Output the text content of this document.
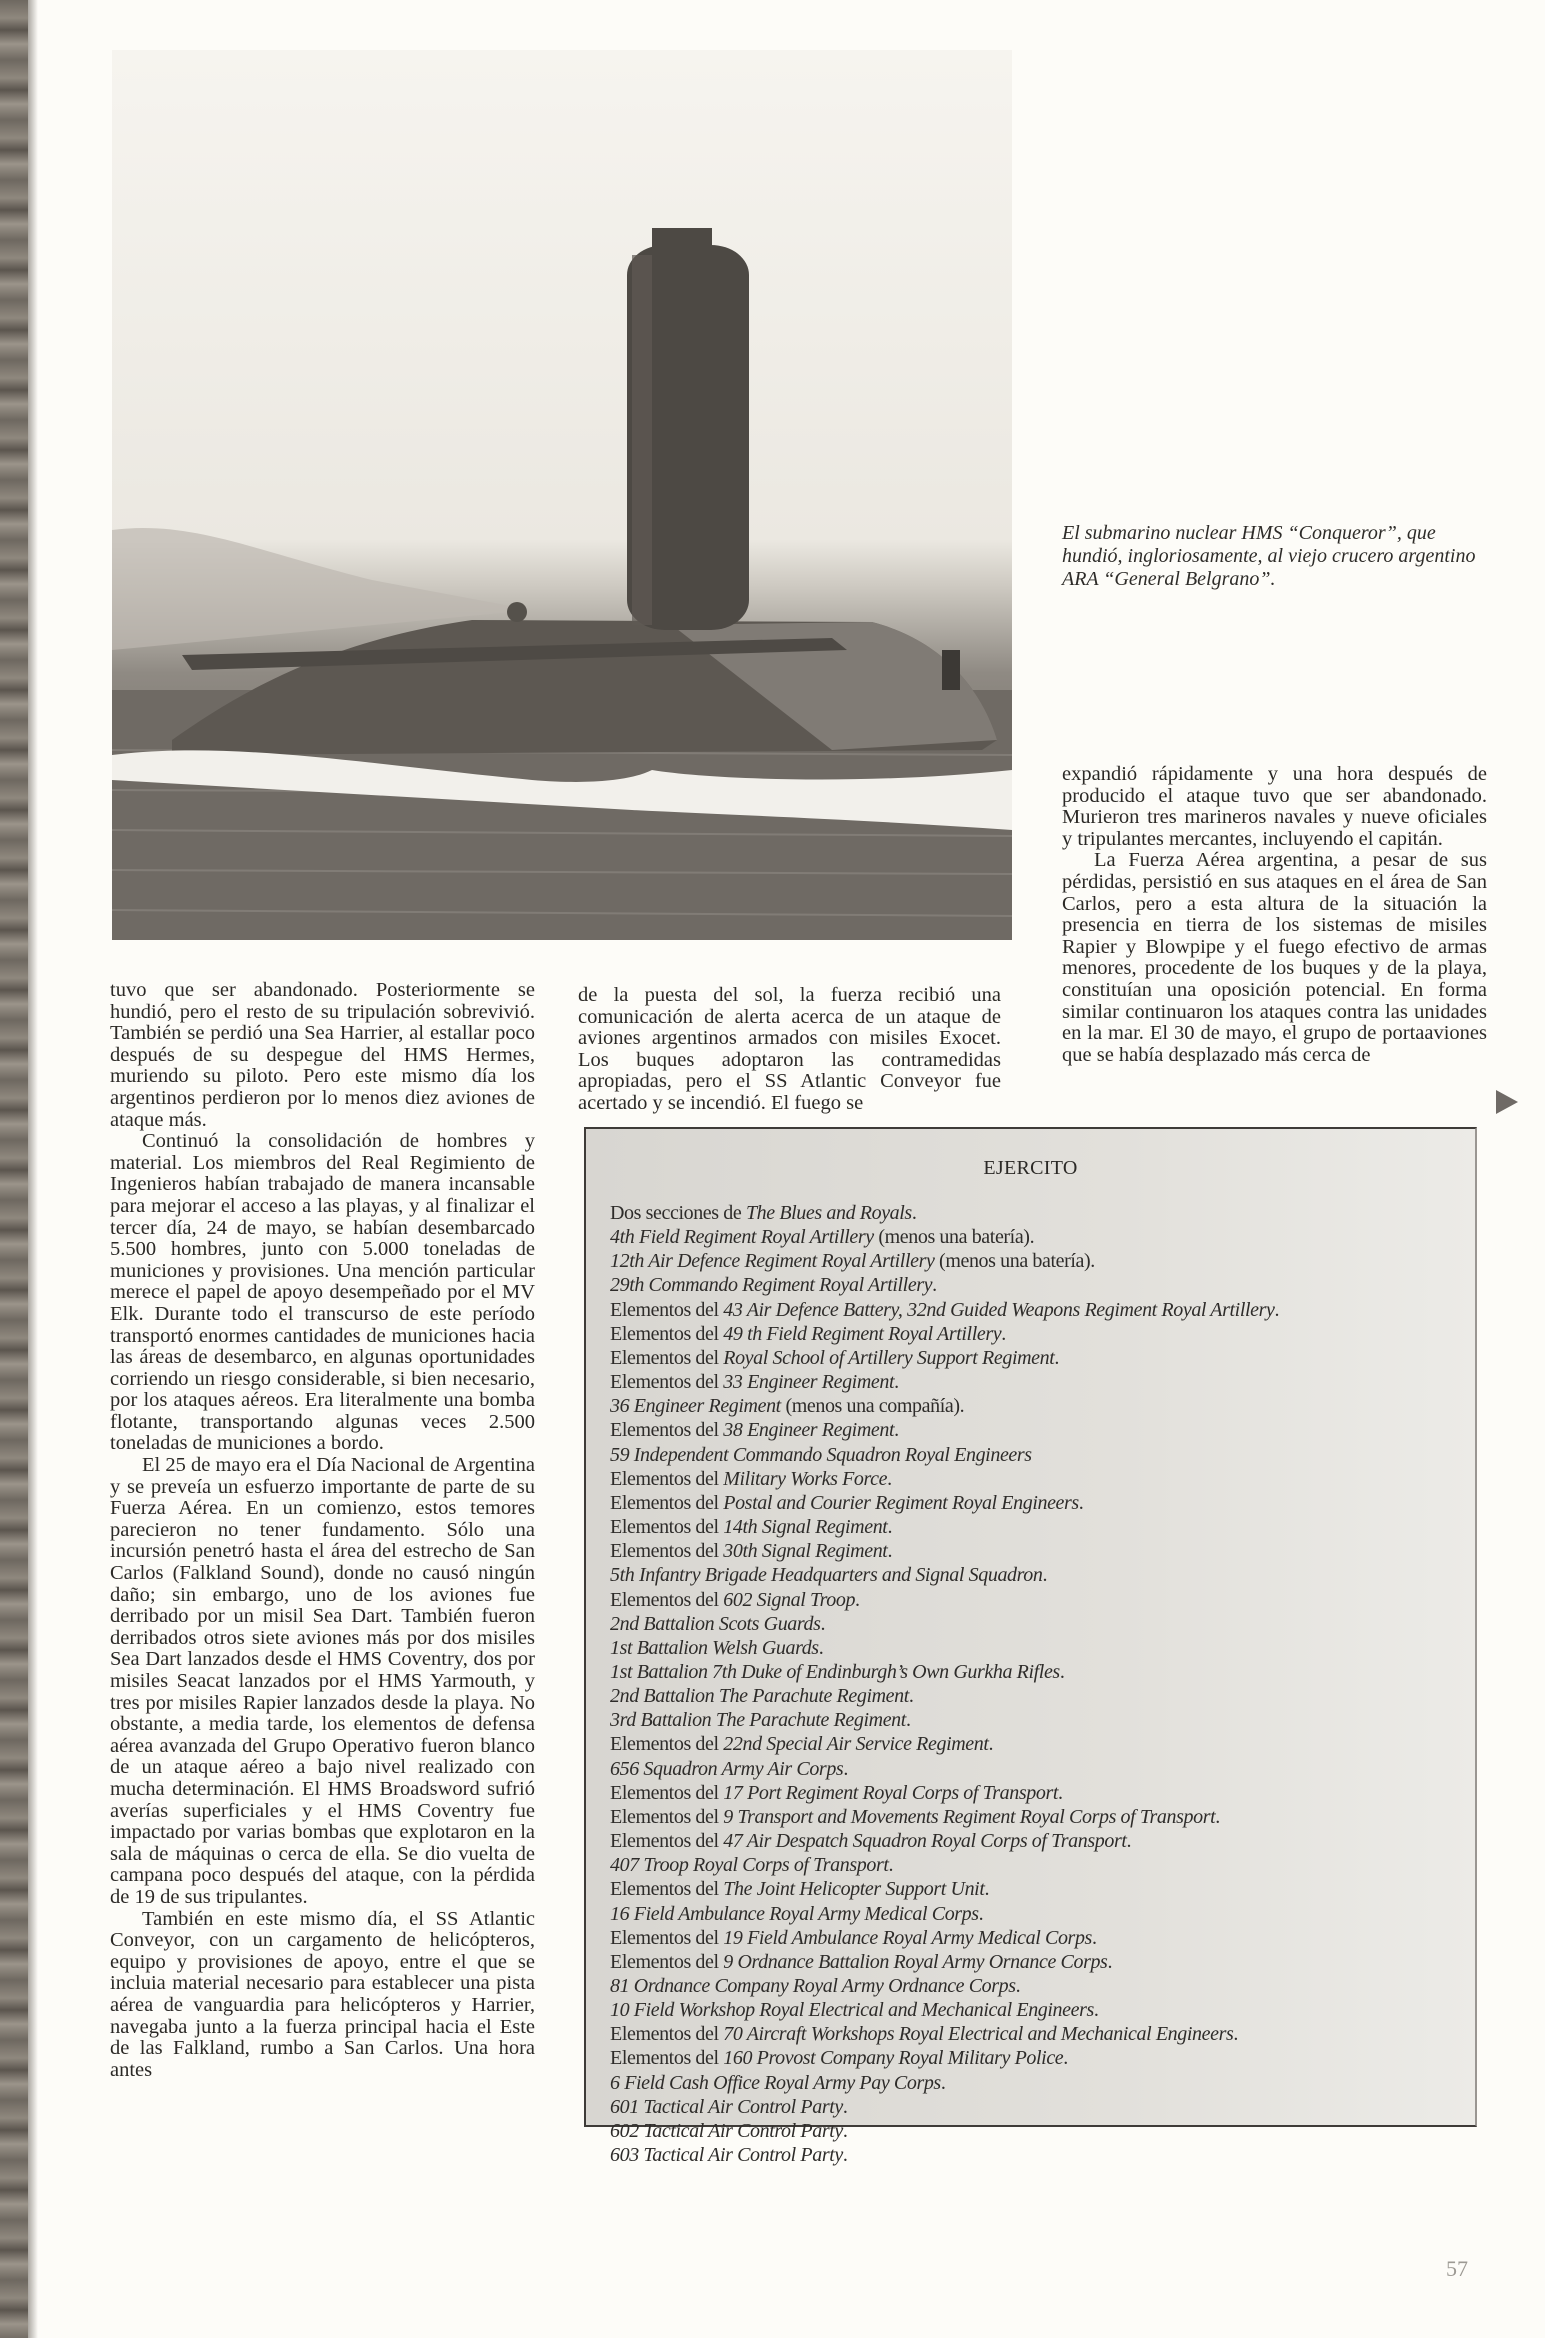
El submarino nuclear HMS “Conqueror”, que hundió, ingloriosamente, al viejo crucero argentino ARA “General Belgrano”.

tuvo que ser abandonado. Posteriormente se hundió, pero el resto de su tripulación sobrevivió. También se perdió una Sea Harrier, al estallar poco después de su despegue del HMS Hermes, muriendo su piloto. Pero este mismo día los argentinos perdieron por lo menos diez aviones de ataque más.

Continuó la consolidación de hombres y material. Los miembros del Real Regimiento de Ingenieros habían trabajado de manera incansable para mejorar el acceso a las playas, y al finalizar el tercer día, 24 de mayo, se habían desembarcado 5.500 hombres, junto con 5.000 toneladas de municiones y provisiones. Una mención particular merece el papel de apoyo desempeñado por el MV Elk. Durante todo el transcurso de este período transportó enormes cantidades de municiones hacia las áreas de desembarco, en algunas oportunidades corriendo un riesgo considerable, si bien necesario, por los ataques aéreos. Era literalmente una bomba flotante, transportando algunas veces 2.500 toneladas de municiones a bordo.

El 25 de mayo era el Día Nacional de Argentina y se preveía un esfuerzo importante de parte de su Fuerza Aérea. En un comienzo, estos temores parecieron no tener fundamento. Sólo una incursión penetró hasta el área del estrecho de San Carlos (Falkland Sound), donde no causó ningún daño; sin embargo, uno de los aviones fue derribado por un misil Sea Dart. También fueron derribados otros siete aviones más por dos misiles Sea Dart lanzados desde el HMS Coventry, dos por misiles Seacat lanzados por el HMS Yarmouth, y tres por misiles Rapier lanzados desde la playa. No obstante, a media tarde, los elementos de defensa aérea avanzada del Grupo Operativo fueron blanco de un ataque aéreo a bajo nivel realizado con mucha determinación. El HMS Broadsword sufrió averías superficiales y el HMS Coventry fue impactado por varias bombas que explotaron en la sala de máquinas o cerca de ella. Se dio vuelta de campana poco después del ataque, con la pérdida de 19 de sus tripulantes.

También en este mismo día, el SS Atlantic Conveyor, con un cargamento de helicópteros, equipo y provisiones de apoyo, entre el que se incluia material necesario para establecer una pista aérea de vanguardia para helicópteros y Harrier, navegaba junto a la fuerza principal hacia el Este de las Falkland, rumbo a San Carlos. Una hora antes

de la puesta del sol, la fuerza recibió una comunicación de alerta acerca de un ataque de aviones argentinos armados con misiles Exocet. Los buques adoptaron las contramedidas apropiadas, pero el SS Atlantic Conveyor fue acertado y se incendió. El fuego se

expandió rápidamente y una hora después de producido el ataque tuvo que ser abandonado. Murieron tres marineros navales y nueve oficiales y tripulantes mercantes, incluyendo el capitán.

La Fuerza Aérea argentina, a pesar de sus pérdidas, persistió en sus ataques en el área de San Carlos, pero a esta altura de la situación la presencia en tierra de los sistemas de misiles Rapier y Blowpipe y el fuego efectivo de armas menores, procedente de los buques y de la playa, constituían una oposición potencial. En forma similar continuaron los ataques contra las unidades en la mar. El 30 de mayo, el grupo de portaaviones que se había desplazado más cerca de

EJERCITO
Dos secciones de The Blues and Royals.
4th Field Regiment Royal Artillery (menos una batería).
12th Air Defence Regiment Royal Artillery (menos una batería).
29th Commando Regiment Royal Artillery.
Elementos del 43 Air Defence Battery, 32nd Guided Weapons Regiment Royal Artillery.
Elementos del 49 th Field Regiment Royal Artillery.
Elementos del Royal School of Artillery Support Regiment.
Elementos del 33 Engineer Regiment.
36 Engineer Regiment (menos una compañía).
Elementos del 38 Engineer Regiment.
59 Independent Commando Squadron Royal Engineers
Elementos del Military Works Force.
Elementos del Postal and Courier Regiment Royal Engineers.
Elementos del 14th Signal Regiment.
Elementos del 30th Signal Regiment.
5th Infantry Brigade Headquarters and Signal Squadron.
Elementos del 602 Signal Troop.
2nd Battalion Scots Guards.
1st Battalion Welsh Guards.
1st Battalion 7th Duke of Endinburgh’s Own Gurkha Rifles.
2nd Battalion The Parachute Regiment.
3rd Battalion The Parachute Regiment.
Elementos del 22nd Special Air Service Regiment.
656 Squadron Army Air Corps.
Elementos del 17 Port Regiment Royal Corps of Transport.
Elementos del 9 Transport and Movements Regiment Royal Corps of Transport.
Elementos del 47 Air Despatch Squadron Royal Corps of Transport.
407 Troop Royal Corps of Transport.
Elementos del The Joint Helicopter Support Unit.
16 Field Ambulance Royal Army Medical Corps.
Elementos del 19 Field Ambulance Royal Army Medical Corps.
Elementos del 9 Ordnance Battalion Royal Army Ornance Corps.
81 Ordnance Company Royal Army Ordnance Corps.
10 Field Workshop Royal Electrical and Mechanical Engineers.
Elementos del 70 Aircraft Workshops Royal Electrical and Mechanical Engineers.
Elementos del 160 Provost Company Royal Military Police.
6 Field Cash Office Royal Army Pay Corps.
601 Tactical Air Control Party.
602 Tactical Air Control Party.
603 Tactical Air Control Party.
57
